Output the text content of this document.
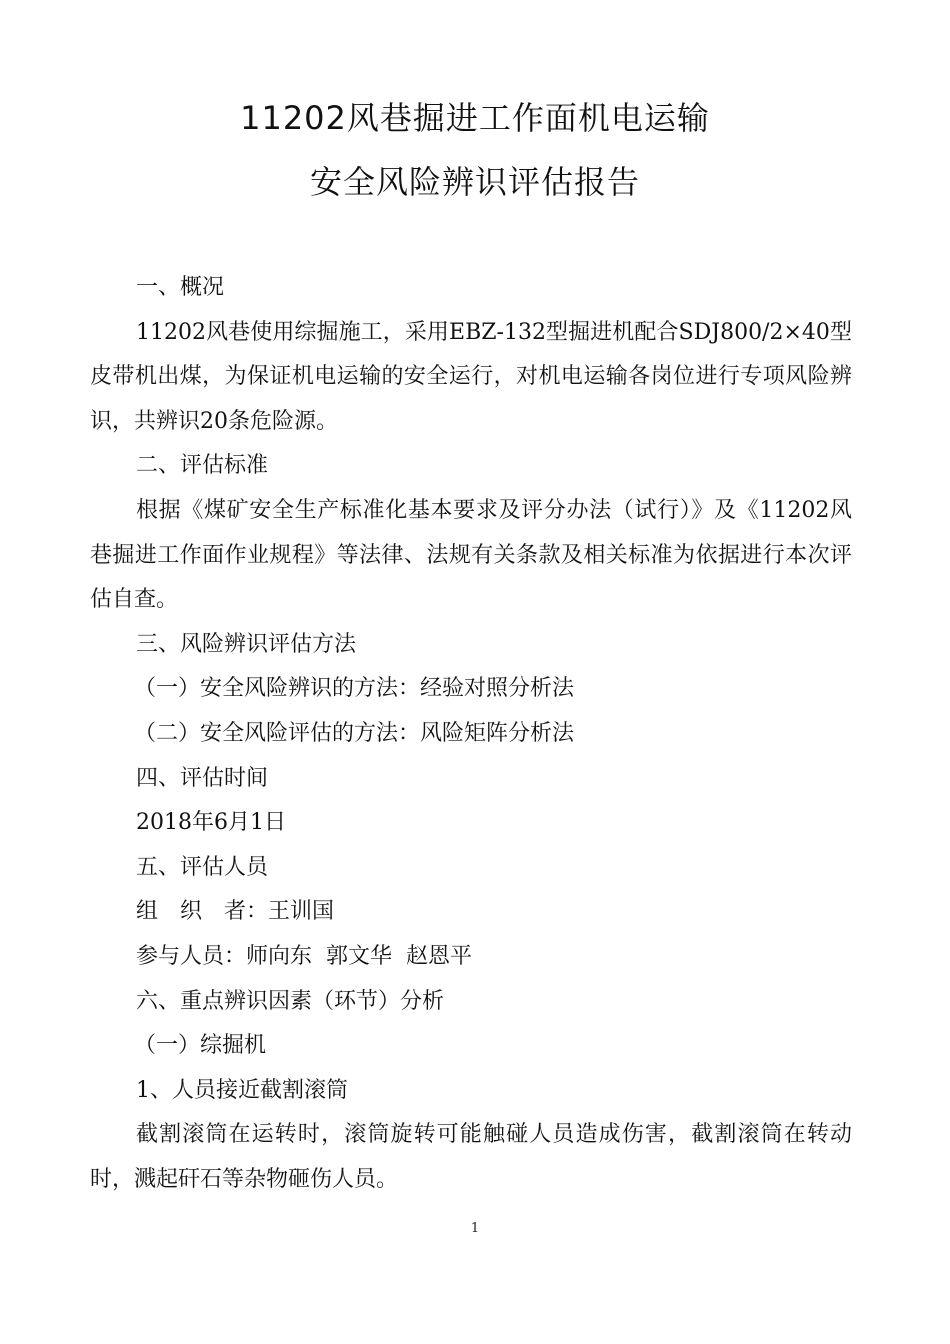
11202风巷掘进工作面机电运输
安全风险辨识评估报告

一、概况

11202风巷使用综掘施工，采用EBZ-132型掘进机配合SDJ800/2×40型皮带机出煤，为保证机电运输的安全运行，对机电运输各岗位进行专项风险辨识，共辨识20条危险源。

二、评估标准

根据《煤矿安全生产标准化基本要求及评分办法（试行）》及《11202风巷掘进工作面作业规程》等法律、法规有关条款及相关标准为依据进行本次评估自查。

三、风险辨识评估方法

（一）安全风险辨识的方法：经验对照分析法

（二）安全风险评估的方法：风险矩阵分析法

四、评估时间

2018年6月1日

五、评估人员

组　织　者：王训国

参与人员：师向东  郭文华  赵恩平

六、重点辨识因素（环节）分析

（一）综掘机

1、人员接近截割滚筒

截割滚筒在运转时，滚筒旋转可能触碰人员造成伤害，截割滚筒在转动时，溅起矸石等杂物砸伤人员。

1
